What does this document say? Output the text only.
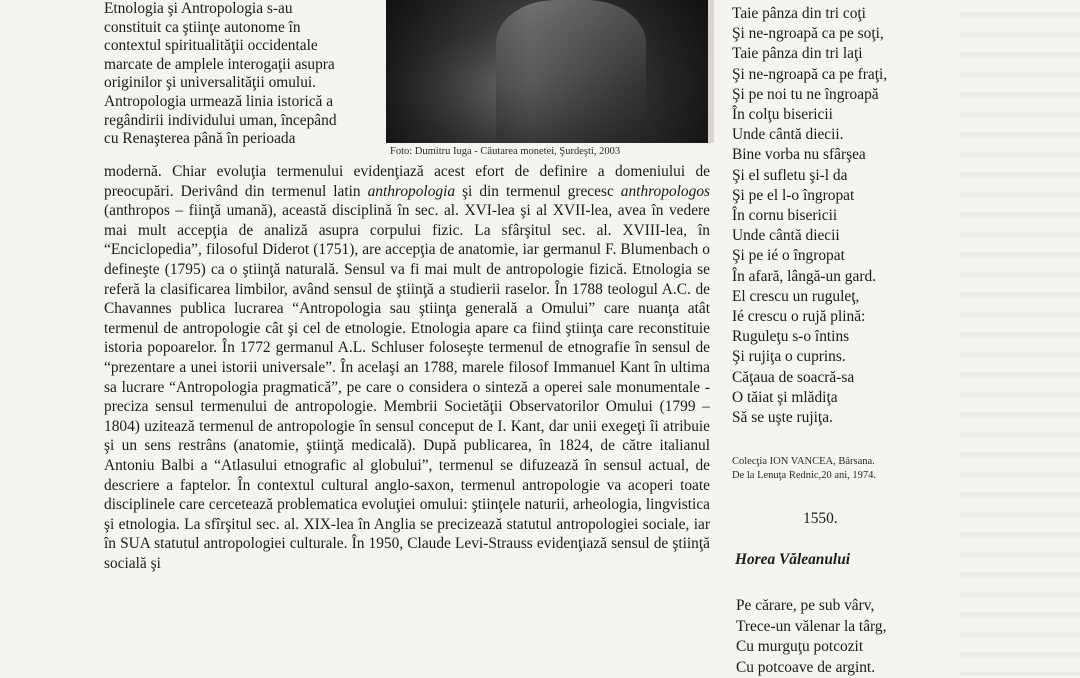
Etnologia şi Antropologia s-au

constituit ca ştiinţe autonome în

contextul spiritualităţii occidentale

marcate de amplele interogaţii asupra

originilor şi universalităţii omului.

Antropologia urmează linia istorică a

regândirii individului uman, începând

cu Renaşterea până în perioada

Foto: Dumitru Iuga - Căutarea monetei, Şurdeşti, 2003

modernă. Chiar evoluţia termenului evidenţiază acest efort de definire a domeniului de preocupări. Derivând din termenul latin anthropologia şi din termenul grecesc anthropologos (anthropos – fiinţă umană), această disciplină în sec. al. XVI-lea şi al XVII-lea, avea în vedere mai mult accepţia de analiză asupra corpului fizic. La sfârşitul sec. al. XVIII-lea, în “Enciclopedia”, filosoful Diderot (1751), are accepţia de anatomie, iar germanul F. Blumenbach o defineşte (1795) ca o ştiinţă naturală. Sensul va fi mai mult de antropologie fizică. Etnologia se referă la clasificarea limbilor, având sensul de ştiinţă a studierii raselor. În 1788 teologul A.C. de Chavannes publica lucrarea “Antropologia sau ştiinţa generală a Omului” care nuanţa atât termenul de antropologie cât şi cel de etnologie. Etnologia apare ca fiind ştiinţa care reconstituie istoria popoarelor. În 1772 germanul A.L. Schluser foloseşte termenul de etnografie în sensul de “prezentare a unei istorii universale”. În acelaşi an 1788, marele filosof Immanuel Kant în ultima sa lucrare “Antropologia pragmatică”, pe care o considera o sinteză a operei sale monumentale - preciza sensul termenului de antropologie. Membrii Societăţii Observatorilor Omului (1799 – 1804) uzitează termenul de antropologie în sensul conceput de I. Kant, dar unii exegeţi îi atribuie şi un sens restrâns (anatomie, ştiinţă medicală). După publicarea, în 1824, de către italianul Antoniu Balbi a “Atlasului etnografic al globului”, termenul se difuzează în sensul actual, de descriere a faptelor. În contextul cultural anglo-saxon, termenul antropologie va acoperi toate disciplinele care cercetează problematica evoluţiei omului: ştiinţele naturii, arheologia, lingvistica şi etnologia. La sfîrşitul sec. al. XIX-lea în Anglia se precizează statutul antropologiei sociale, iar în SUA statutul antropologiei culturale. În 1950, Claude Levi-Strauss evidenţiază sensul de ştiinţă socială şi

Taie pânza din tri coţi
Şi ne-ngroapă ca pe soţi,
Taie pânza din tri laţi
Şi ne-ngroapă ca pe fraţi,
Şi pe noi tu ne îngroapă
În colţu bisericii
Unde cântă diecii.
Bine vorba nu sfârşea
Şi el sufletu şi-l da
Şi pe el l-o îngropat
În cornu bisericii
Unde cântă diecii
Şi pe ié o îngropat
În afară, lângă-un gard.
El crescu un ruguleţ,
Ié crescu o rujă plină:
Ruguleţu s-o întins
Şi rujiţa o cuprins.
Căţaua de soacră-sa
O tăiat şi mlădiţa
Să se uşte rujiţa.
Colecţia ION VANCEA, Bârsana.
De la Lenuţa Rednic,20 ani, 1974.
1550.
Horea Văleanului
Pe cărare, pe sub vârv,
Trece-un vălenar la târg,
Cu murguţu potcozit
Cu potcoave de argint.
